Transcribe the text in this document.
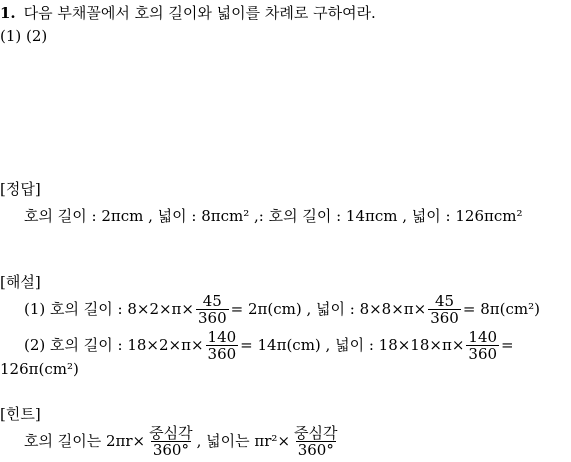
1. 다음 부채꼴에서 호의 길이와 넓이를 차례로 구하여라.
(1) (2)
[정답]
호의 길이 : 2πcm , 넓이 : 8πcm² ,: 호의 길이 : 14πcm , 넓이 : 126πcm²
[해설]
(1) 호의 길이 : $8\times 2\times\pi\times \frac{45}{360} = 2\pi(cm)$ , 넓이 : $8\times 8\times\pi\times \frac{45}{360} = 8\pi(cm^2)$
(2) 호의 길이 : $18\times 2\times\pi\times \frac{140}{360} = 14\pi(cm)$ , 넓이 : $18\times 18\times\pi\times \frac{140}{360}$ =
126π(cm²)
[힌트]
호의 길이는 $2\pi r\times \frac{\text{중심각}}{360^\circ}$ , 넓이는 $\pi r^2\times \frac{\text{중심각}}{360^\circ}$
